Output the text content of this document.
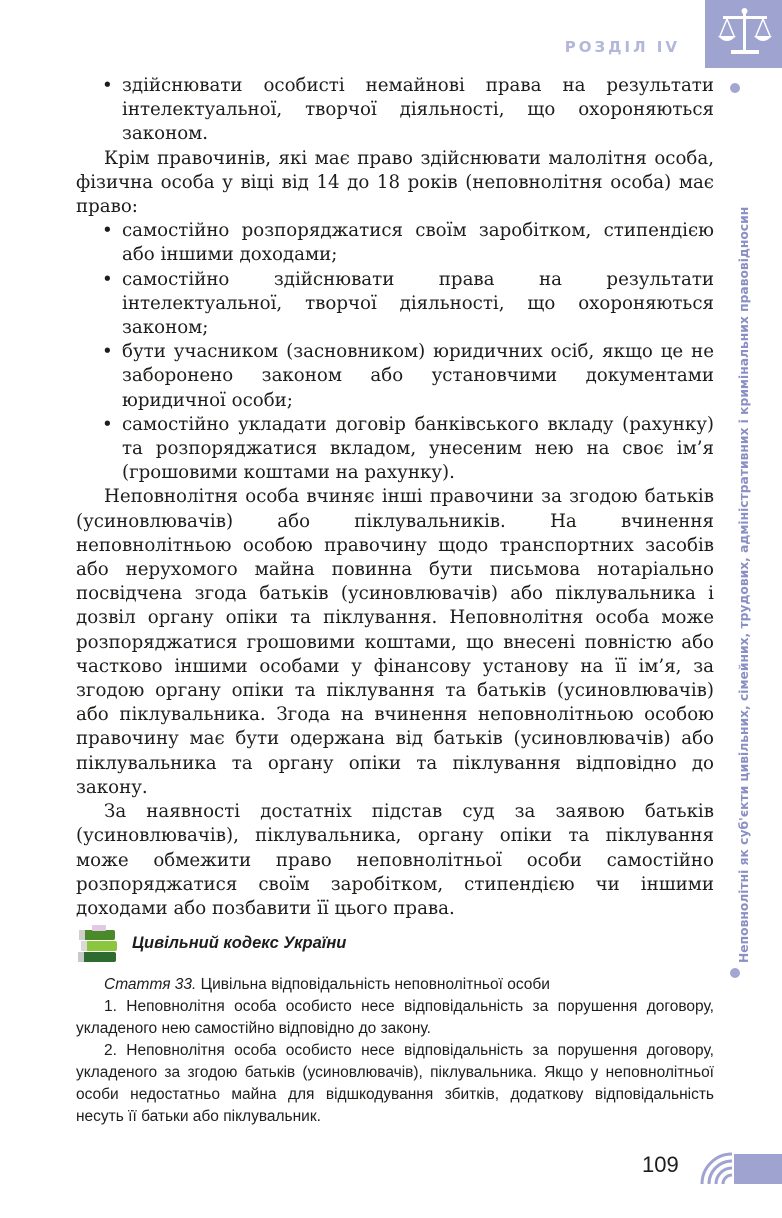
РОЗДІЛ IV
Неповнолітні як суб'єкти цивільних, сімейних, трудових, адміністративних і кримінальних правовідносин
• здійснювати особисті немайнові права на результати інтелектуальної, творчої діяльності, що охороняються законом.

Крім правочинів, які має право здійснювати малолітня особа, фізична особа у віці від 14 до 18 років (неповнолітня особа) має право:

• самостійно розпоряджатися своїм заробітком, стипендією або іншими доходами;
• самостійно здійснювати права на результати інтелектуальної, творчої діяльності, що охороняються законом;
• бути учасником (засновником) юридичних осіб, якщо це не заборонено законом або установчими документами юридичної особи;
• самостійно укладати договір банківського вкладу (рахунку) та розпоряджатися вкладом, унесеним нею на своє ім’я (грошовими коштами на рахунку).

Неповнолітня особа вчиняє інші правочини за згодою батьків (усиновлювачів) або піклувальників. На вчинення неповнолітньою особою правочину щодо транспортних засобів або нерухомого майна повинна бути письмова нотаріально посвідчена згода батьків (усиновлювачів) або піклувальника і дозвіл органу опіки та піклування. Неповнолітня особа може розпоряджатися грошовими коштами, що внесені повністю або частково іншими особами у фінансову установу на її ім’я, за згодою органу опіки та піклування та батьків (усиновлювачів) або піклувальника. Згода на вчинення неповнолітньою особою правочину має бути одержана від батьків (усиновлювачів) або піклувальника та органу опіки та піклування відповідно до закону.

За наявності достатніх підстав суд за заявою батьків (усиновлювачів), піклувальника, органу опіки та піклування може обмежити право неповнолітньої особи самостійно розпоряджатися своїм заробітком, стипендією чи іншими доходами або позбавити її цього права.

Цивільний кодекс України
Стаття 33. Цивільна відповідальність неповнолітньої особи

1. Неповнолітня особа особисто несе відповідальність за порушення договору, укладеного нею самостійно відповідно до закону.

2. Неповнолітня особа особисто несе відповідальність за порушення договору, укладеного за згодою батьків (усиновлювачів), піклувальника. Якщо у неповнолітньої особи недостатньо майна для відшкодування збитків, додаткову відповідальність несуть її батьки або піклувальник.

109
